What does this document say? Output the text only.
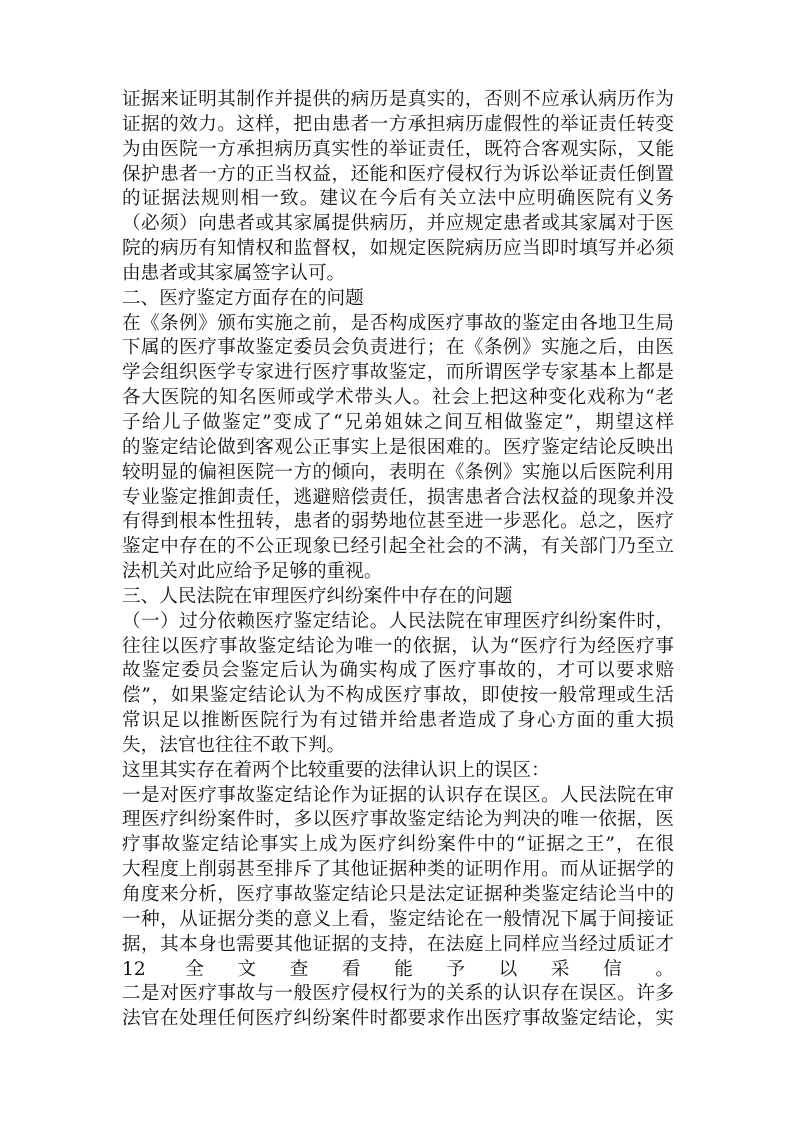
证据来证明其制作并提供的病历是真实的，否则不应承认病历作为
证据的效力。这样，把由患者一方承担病历虚假性的举证责任转变
为由医院一方承担病历真实性的举证责任，既符合客观实际，又能
保护患者一方的正当权益，还能和医疗侵权行为诉讼举证责任倒置
的证据法规则相一致。建议在今后有关立法中应明确医院有义务
（必须）向患者或其家属提供病历，并应规定患者或其家属对于医
院的病历有知情权和监督权，如规定医院病历应当即时填写并必须
由患者或其家属签字认可。
二、医疗鉴定方面存在的问题
在《条例》颁布实施之前，是否构成医疗事故的鉴定由各地卫生局
下属的医疗事故鉴定委员会负责进行；在《条例》实施之后，由医
学会组织医学专家进行医疗事故鉴定，而所谓医学专家基本上都是
各大医院的知名医师或学术带头人。社会上把这种变化戏称为“老
子给儿子做鉴定”变成了“兄弟姐妹之间互相做鉴定”，期望这样
的鉴定结论做到客观公正事实上是很困难的。医疗鉴定结论反映出
较明显的偏袒医院一方的倾向，表明在《条例》实施以后医院利用
专业鉴定推卸责任，逃避赔偿责任，损害患者合法权益的现象并没
有得到根本性扭转，患者的弱势地位甚至进一步恶化。总之，医疗
鉴定中存在的不公正现象已经引起全社会的不满，有关部门乃至立
法机关对此应给予足够的重视。
三、人民法院在审理医疗纠纷案件中存在的问题
（一）过分依赖医疗鉴定结论。人民法院在审理医疗纠纷案件时，
往往以医疗事故鉴定结论为唯一的依据，认为“医疗行为经医疗事
故鉴定委员会鉴定后认为确实构成了医疗事故的，才可以要求赔
偿”，如果鉴定结论认为不构成医疗事故，即使按一般常理或生活
常识足以推断医院行为有过错并给患者造成了身心方面的重大损
失，法官也往往不敢下判。
这里其实存在着两个比较重要的法律认识上的误区：
一是对医疗事故鉴定结论作为证据的认识存在误区。人民法院在审
理医疗纠纷案件时，多以医疗事故鉴定结论为判决的唯一依据，医
疗事故鉴定结论事实上成为医疗纠纷案件中的“证据之王”，在很
大程度上削弱甚至排斥了其他证据种类的证明作用。而从证据学的
角度来分析，医疗事故鉴定结论只是法定证据种类鉴定结论当中的
一种，从证据分类的意义上看，鉴定结论在一般情况下属于间接证
据，其本身也需要其他证据的支持，在法庭上同样应当经过质证才
12 全文查看能予以采信。
二是对医疗事故与一般医疗侵权行为的关系的认识存在误区。许多
法官在处理任何医疗纠纷案件时都要求作出医疗事故鉴定结论，实
